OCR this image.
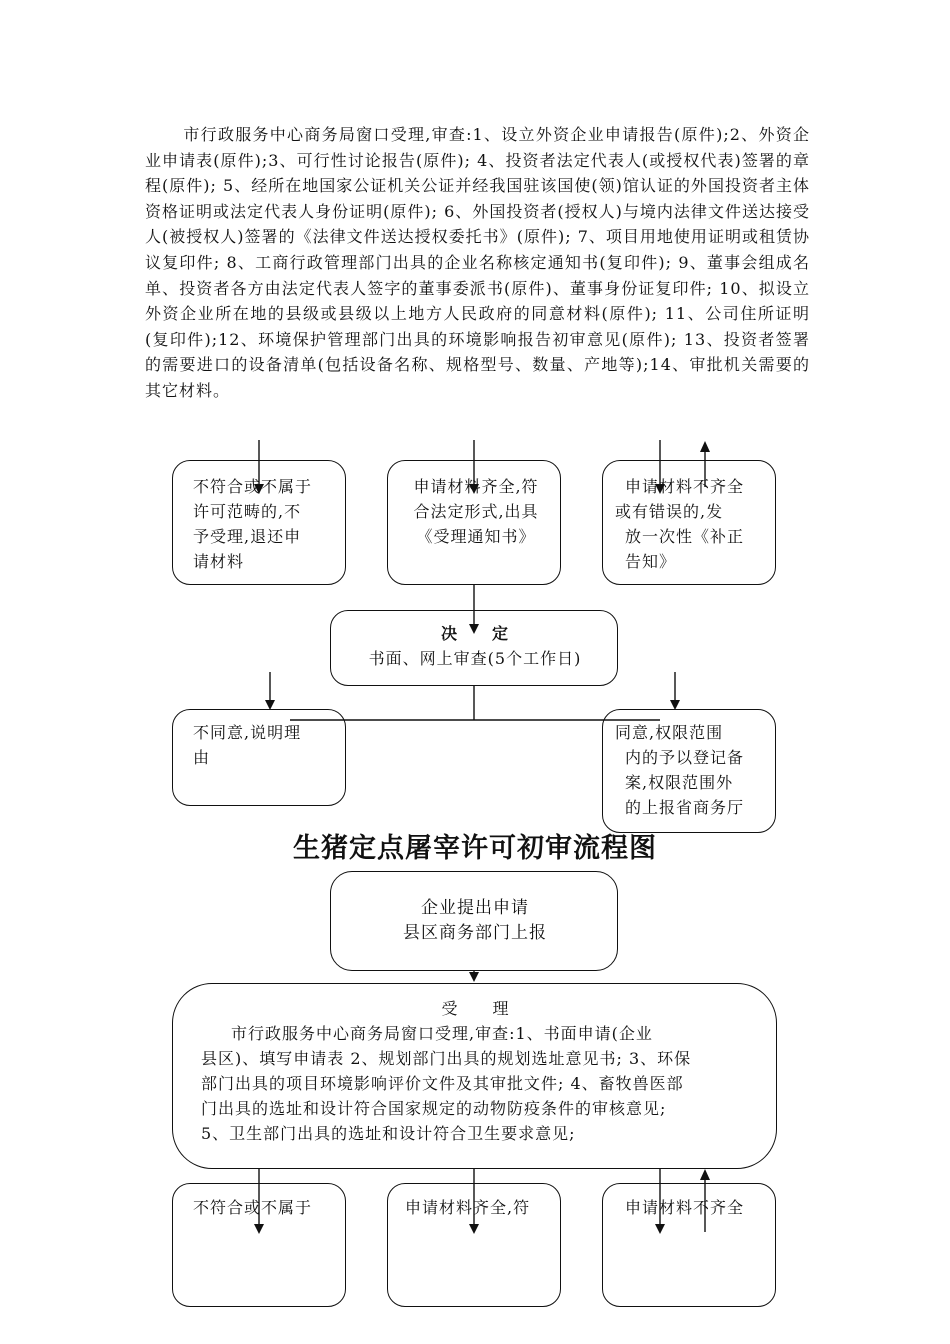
市行政服务中心商务局窗口受理,审查:1、设立外资企业申请报告(原件);2、外资企业申请表(原件);3、可行性讨论报告(原件); 4、投资者法定代表人(或授权代表)签署的章程(原件); 5、经所在地国家公证机关公证并经我国驻该国使(领)馆认证的外国投资者主体资格证明或法定代表人身份证明(原件); 6、外国投资者(授权人)与境内法律文件送达接受人(被授权人)签署的《法律文件送达授权委托书》(原件); 7、项目用地使用证明或租赁协议复印件; 8、工商行政管理部门出具的企业名称核定通知书(复印件); 9、董事会组成名单、投资者各方由法定代表人签字的董事委派书(原件)、董事身份证复印件; 10、拟设立外资企业所在地的县级或县级以上地方人民政府的同意材料(原件); 11、公司住所证明(复印件);12、环境保护管理部门出具的环境影响报告初审意见(原件); 13、投资者签署的需要进口的设备清单(包括设备名称、规格型号、数量、产地等);14、审批机关需要的其它材料。

不符合或不属于
许可范畴的,不
予受理,退还申
请材料
申请材料齐全,符
合法定形式,出具
《受理通知书》
申请材料不齐全
或有错误的,发
放一次性《补正
告知》
决　　定
书面、网上审查(5个工作日)
不同意,说明理
由
同意,权限范围
内的予以登记备
案,权限范围外
的上报省商务厅
生猪定点屠宰许可初审流程图
企业提出申请
县区商务部门上报
受　　理
市行政服务中心商务局窗口受理,审查:1、书面申请(企业
县区)、填写申请表 2、规划部门出具的规划选址意见书; 3、环保
部门出具的项目环境影响评价文件及其审批文件; 4、畜牧兽医部
门出具的选址和设计符合国家规定的动物防疫条件的审核意见;
5、卫生部门出具的选址和设计符合卫生要求意见;
不符合或不属于	申请材料齐全,符	申请材料不齐全
